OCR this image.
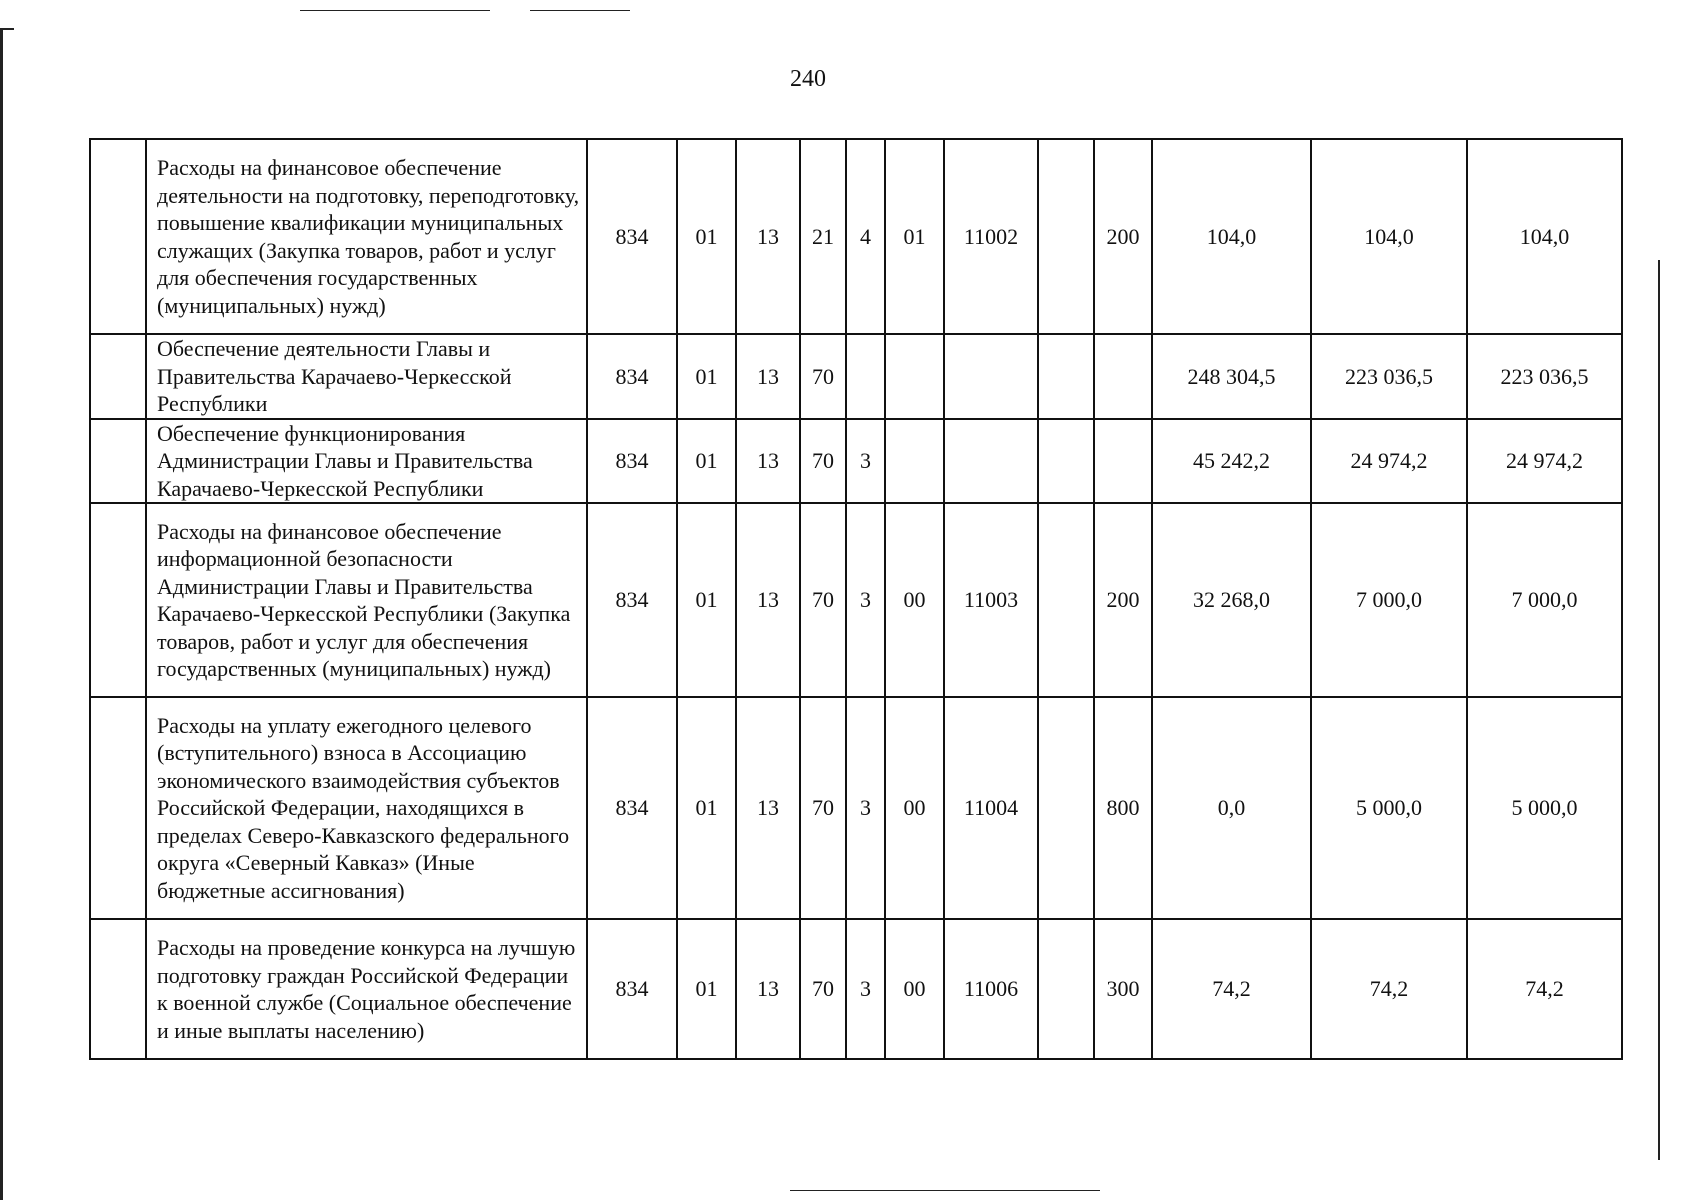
240
	Расходы на финансовое обеспечение деятельности на подготовку, переподготовку, повышение квалификации муниципальных служащих (Закупка товаров, работ и услуг для обеспечения государственных (муниципальных) нужд)	834	01	13	21	4	01	11002		200	104,0	104,0	104,0
	Обеспечение деятельности Главы и Правительства Карачаево-Черкесской Республики	834	01	13	70						248 304,5	223 036,5	223 036,5
	Обеспечение функционирования Администрации Главы и Правительства Карачаево-Черкесской Республики	834	01	13	70	3					45 242,2	24 974,2	24 974,2
	Расходы на финансовое обеспечение информационной безопасности Администрации Главы и Правительства Карачаево-Черкесской Республики (Закупка товаров, работ и услуг для обеспечения государственных (муниципальных) нужд)	834	01	13	70	3	00	11003		200	32 268,0	7 000,0	7 000,0
	Расходы на уплату ежегодного целевого (вступительного) взноса в Ассоциацию экономического взаимодействия субъектов Российской Федерации, находящихся в пределах Северо-Кавказского федерального округа «Северный Кавказ» (Иные бюджетные ассигнования)	834	01	13	70	3	00	11004		800	0,0	5 000,0	5 000,0
	Расходы на проведение конкурса на лучшую подготовку граждан Российской Федерации к военной службе (Социальное обеспечение и иные выплаты населению)	834	01	13	70	3	00	11006		300	74,2	74,2	74,2
